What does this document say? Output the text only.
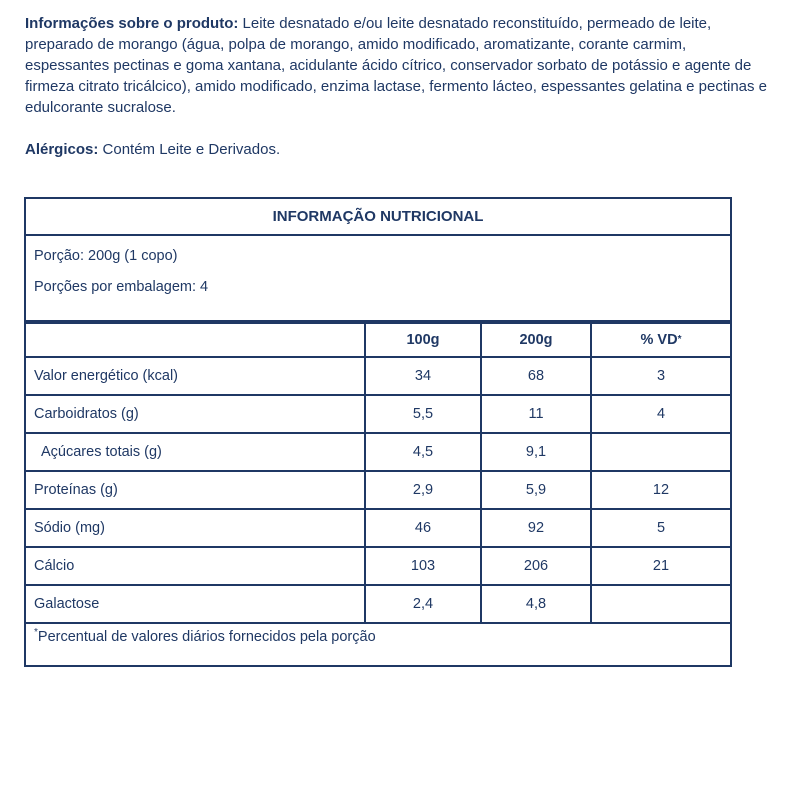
Informações sobre o produto: Leite desnatado e/ou leite desnatado reconstituído, permeado de leite, preparado de morango (água, polpa de morango, amido modificado, aromatizante, corante carmim, espessantes pectinas e goma xantana, acidulante ácido cítrico, conservador sorbato de potássio e agente de firmeza citrato tricálcico), amido modificado, enzima lactase, fermento lácteo, espessantes gelatina e pectinas e edulcorante sucralose.

Alérgicos: Contém Leite e Derivados.

INFORMAÇÃO NUTRICIONAL
Porção: 200g (1 copo)
Porções por embalagem: 4
100g	200g	% VD *
Valor energético (kcal)	34	68	3
Carboidratos (g)	5,5	11	4
Açúcares totais (g)	4,5	9,1
Proteínas (g)	2,9	5,9	12
Sódio (mg)	46	92	5
Cálcio	103	206	21
Galactose	2,4	4,8
*Percentual de valores diários fornecidos pela porção
